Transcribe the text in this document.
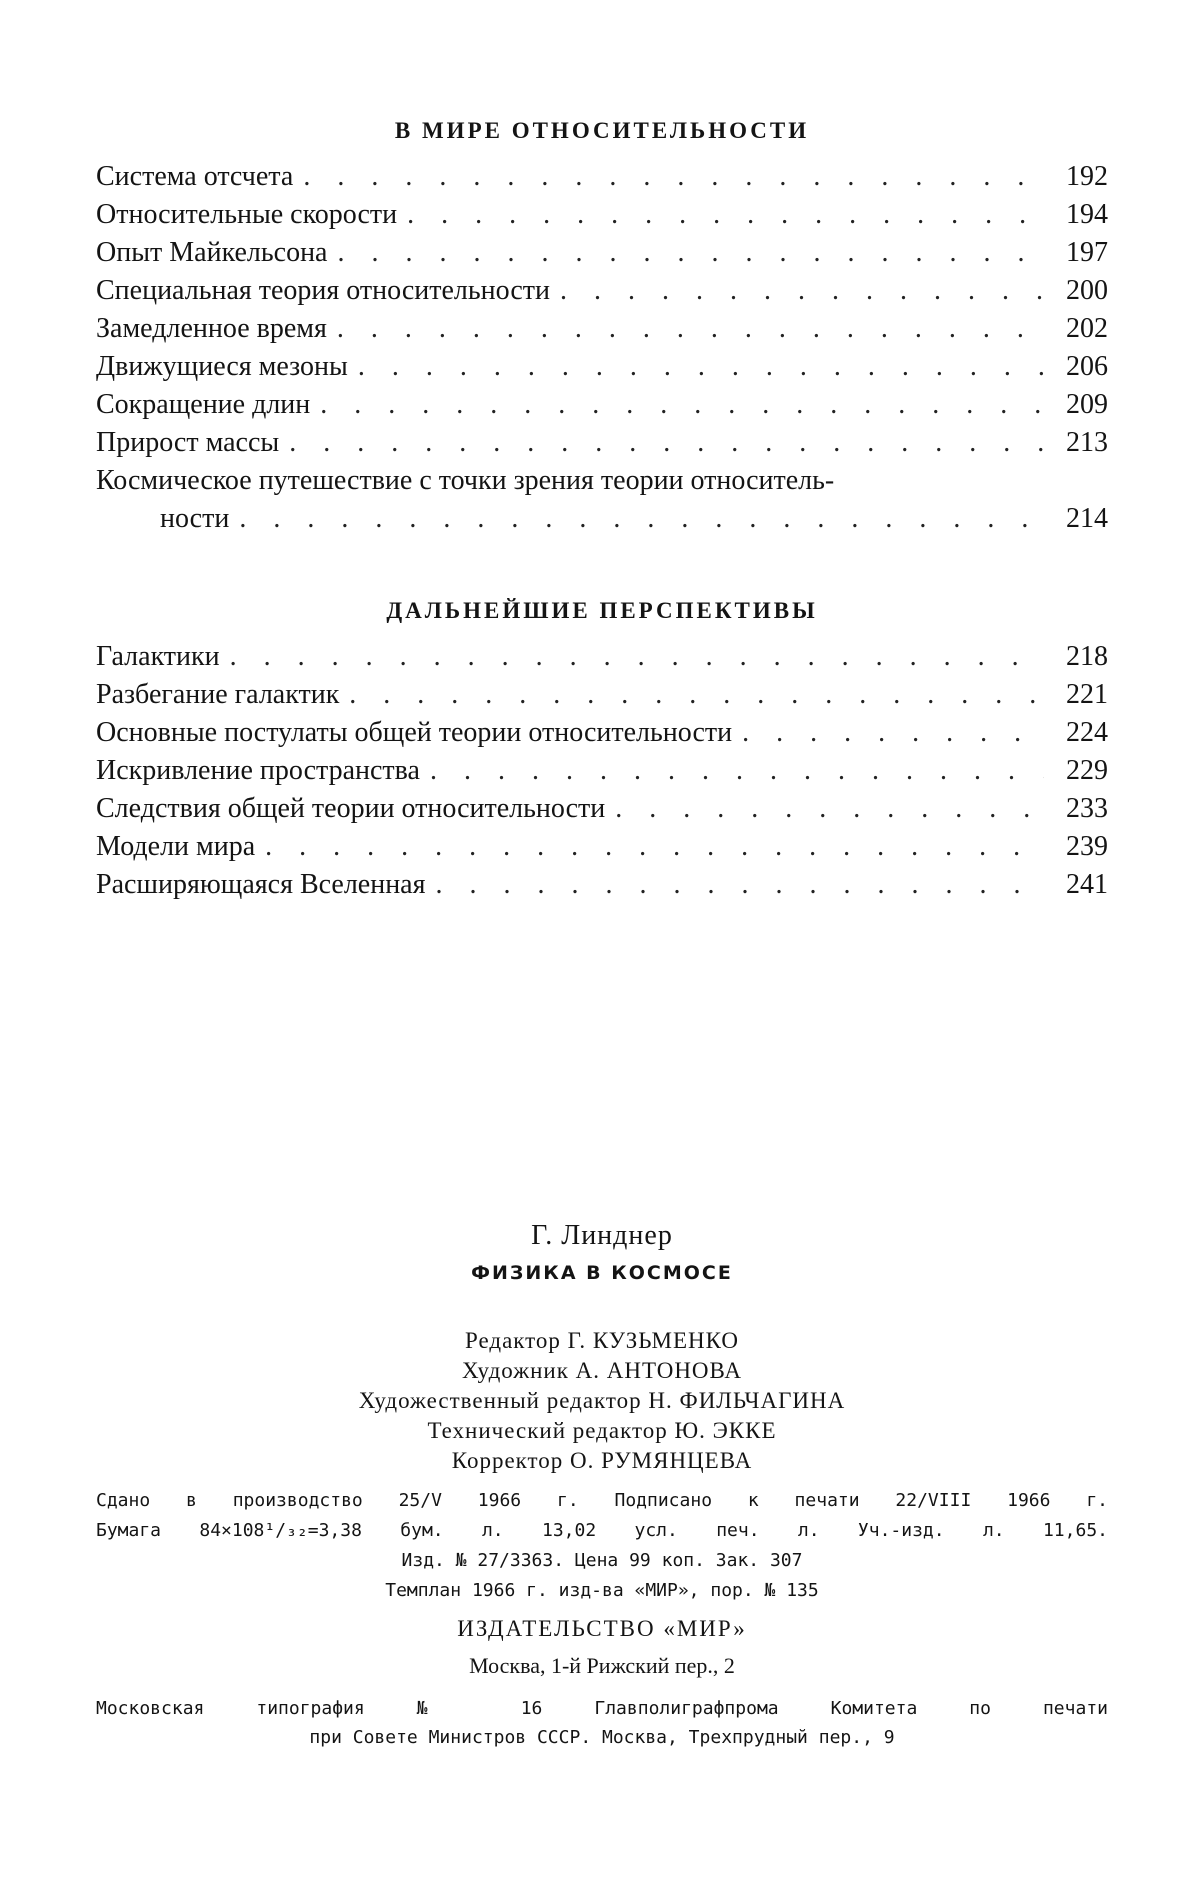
В МИРЕ ОТНОСИТЕЛЬНОСТИ
Система отсчета . . .	192
Относительные скорости . . .	194
Опыт Майкельсона . . .	197
Специальная теория относительности . . .	200
Замедленное время . . .	202
Движущиеся мезоны . . .	206
Сокращение длин . . .	209
Прирост массы . . .	213
Космическое путешествие с точки зрения теории относитель-
ности . . .	214
ДАЛЬНЕЙШИЕ ПЕРСПЕКТИВЫ
Галактики . . .	218
Разбегание галактик . . .	221
Основные постулаты общей теории относительности . . .	224
Искривление пространства . . .	229
Следствия общей теории относительности . . .	233
Модели мира . . .	239
Расширяющаяся Вселенная . . .	241
Г. Линднер
ФИЗИКА В КОСМОСЕ
Редактор Г. КУЗЬМЕНКО
Художник А. АНТОНОВА
Художественный редактор Н. ФИЛЬЧАГИНА
Технический редактор Ю. ЭККЕ
Корректор О. РУМЯНЦЕВА
Сдано в производство 25/V 1966 г. Подписано к печати 22/VIII 1966 г.
Бумага 84×108¹/₃₂=3,38 бум. л. 13,02 усл. печ. л. Уч.-изд. л. 11,65.
Изд. № 27/3363. Цена 99 коп. Зак. 307
Темплан 1966 г. изд-ва «МИР», пор. № 135
ИЗДАТЕЛЬСТВО «МИР»
Москва, 1-й Рижский пер., 2
Московская типография № 16 Главполиграфпрома Комитета по печати
при Совете Министров СССР. Москва, Трехпрудный пер., 9
